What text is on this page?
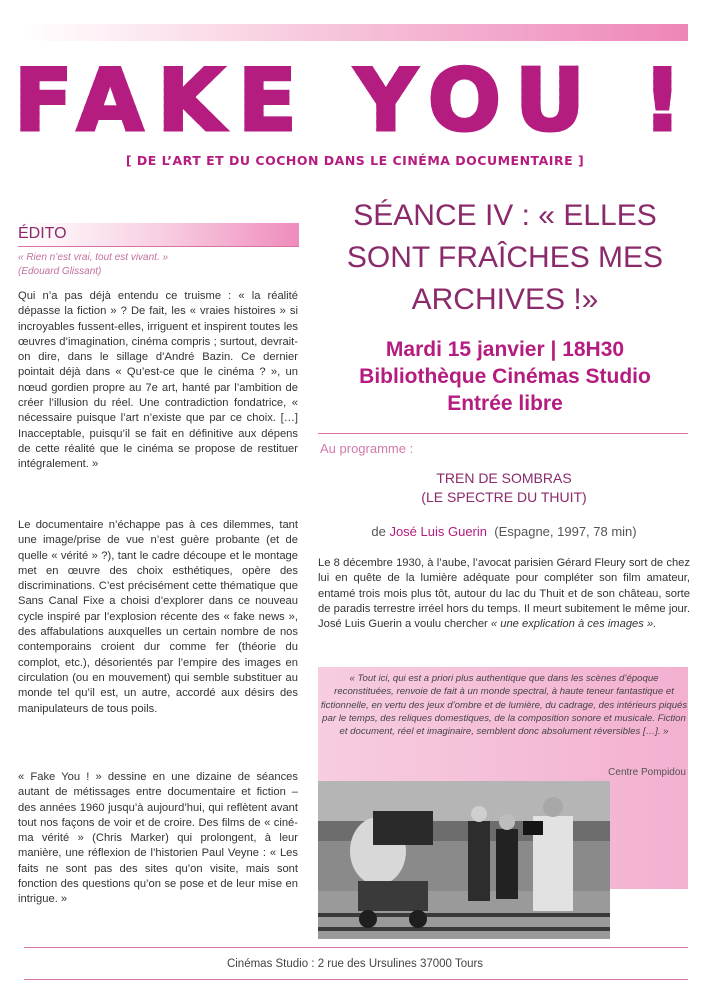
FAKE YOU !
[ DE L’ART ET DU COCHON DANS LE CINÉMA DOCUMENTAIRE ]
ÉDITO
« Rien n’est vrai, tout est vivant. »
(Edouard Glissant)
Qui n’a pas déjà entendu ce truisme : « la réalité dépasse la fiction » ? De fait, les « vraies histoires » si incroyables fussent-elles, irriguent et inspirent toutes les œuvres d’imagination, cinéma compris ; surtout, devrait-on dire, dans le sillage d’André Bazin. Ce dernier pointait déjà dans « Qu’est-ce que le cinéma ? », un nœud gordien propre au 7e art, hanté par l’ambition de créer l’illusion du réel. Une contradiction fondatrice, « nécessaire puisque l’art n’existe que par ce choix. […] Inacceptable, puisqu’il se fait en définitive aux dépens de cette réalité que le cinéma se propose de restituer intégralement. »
Le documentaire n’échappe pas à ces dilemmes, tant une image/prise de vue n’est guère probante (et de quelle « vérité » ?), tant le cadre découpe et le montage met en œuvre des choix esthétiques, opère des discriminations. C’est précisément cette thématique que Sans Canal Fixe a choisi d’explorer dans ce nouveau cycle inspiré par l’explosion récente des « fake news », des affabulations auxquelles un certain nombre de nos contemporains croient dur comme fer (théorie du complot, etc.), désorientés par l’empire des images en circulation (ou en mouvement) qui semble substituer au monde tel qu’il est, un autre, accordé aux désirs des manipulateurs de tous poils.
« Fake You ! » dessine en une dizaine de séances autant de métissages entre documentaire et fiction – des années 1960 jusqu’à aujourd’hui, qui reflètent avant tout nos façons de voir et de croire. Des films de « ciné-ma vérité » (Chris Marker) qui prolongent, à leur manière, une réflexion de l’historien Paul Veyne : « Les faits ne sont pas des sites qu’on visite, mais sont fonction des questions qu’on se pose et de leur mise en intrigue. »
SÉANCE IV : « ELLES
SONT FRAÎCHES MES
ARCHIVES !»
Mardi 15 janvier | 18H30
Bibliothèque Cinémas Studio
Entrée libre
Au programme :
TREN DE SOMBRAS
(LE SPECTRE DU THUIT)
de José Luis Guerin (Espagne, 1997, 78 min)
Le 8 décembre 1930, à l’aube, l’avocat parisien Gérard Fleury sort de chez lui en quête de la lumière adéquate pour compléter son film amateur, entamé trois mois plus tôt, autour du lac du Thuit et de son château, sorte de paradis terrestre irréel hors du temps. Il meurt subitement le même jour. José Luis Guerin a voulu chercher « une explication à ces images ».
« Tout ici, qui est a priori plus authentique que dans les scènes d’époque reconstituées, renvoie de fait à un monde spectral, à haute teneur fantastique et fictionnelle, en vertu des jeux d’ombre et de lumière, du cadrage, des intérieurs piqués par le temps, des reliques domestiques, de la composition sonore et musicale. Fiction et document, réel et imaginaire, semblent donc absolument réversibles […]. »
Centre Pompidou
Cinémas Studio : 2 rue des Ursulines 37000 Tours
